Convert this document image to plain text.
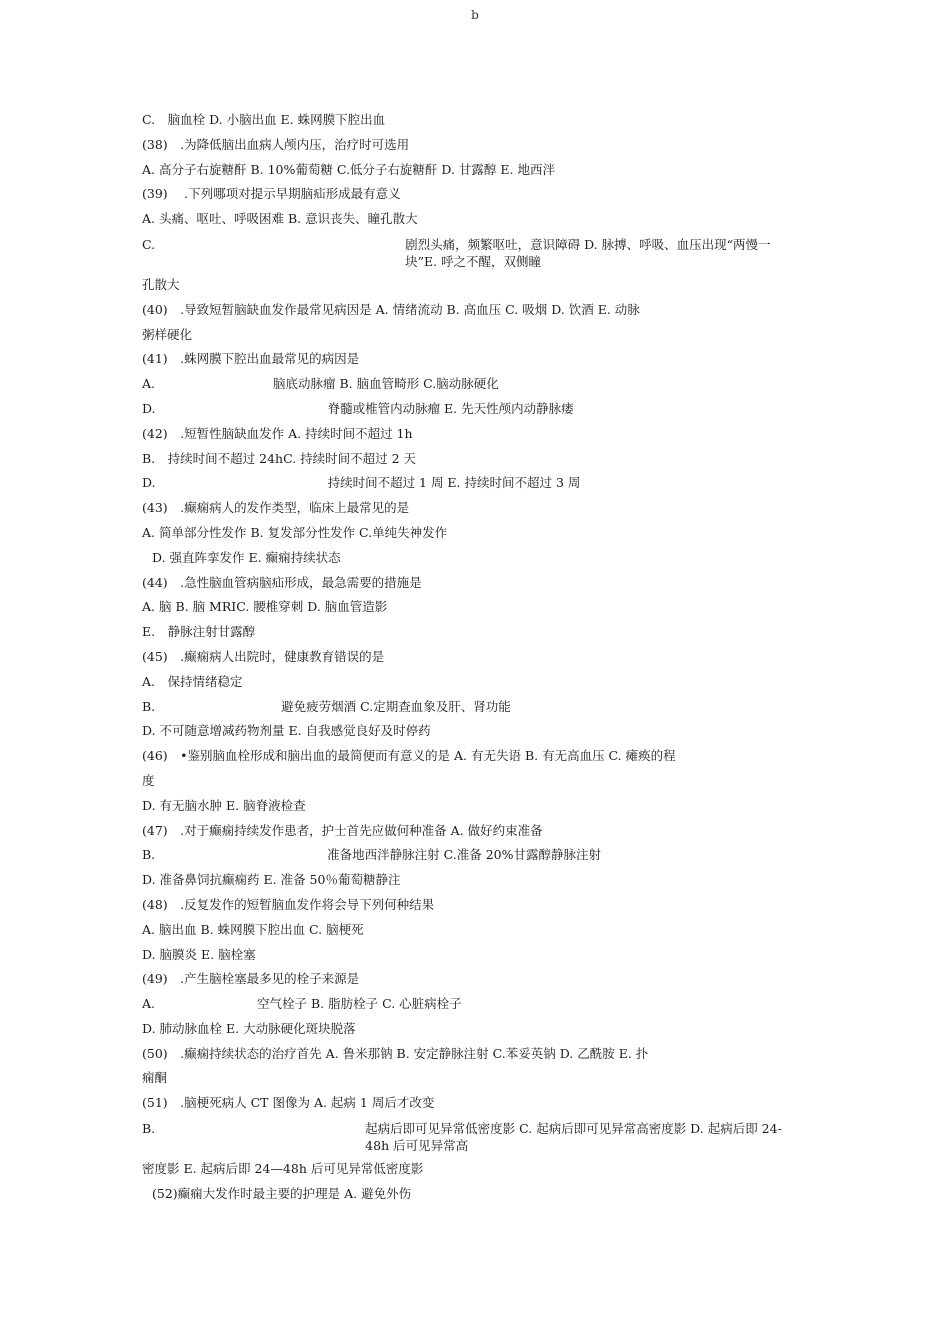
b
C.　脑血栓 D. 小脑出血 E. 蛛网膜下腔出血
(38)　.为降低脑出血病人颅内压，治疗时可选用
A. 高分子右旋糖酐 B. 10%葡萄糖 C.低分子右旋糖酐 D. 甘露醇 E. 地西泮
(39)　 .下列哪项对提示早期脑疝形成最有意义
A. 头痛、呕吐、呼吸困难 B. 意识丧失、瞳孔散大
C.	剧烈头痛，频繁呕吐，意识障碍 D. 脉搏、呼吸、血压出现“两慢一块”E. 呼之不醒，双侧瞳
孔散大
(40)　.导致短暂脑缺血发作最常见病因是 A. 情绪流动 B. 高血压 C. 吸烟 D. 饮酒 E. 动脉
粥样硬化
(41)　.蛛网膜下腔出血最常见的病因是
A.	脑底动脉瘤 B. 脑血管畸形 C.脑动脉硬化
D.	脊髓或椎管内动脉瘤 E. 先天性颅内动静脉瘘
(42)　.短暂性脑缺血发作 A. 持续时间不超过 1h
B.　持续时间不超过 24hC. 持续时间不超过 2 天
D.	持续时间不超过 1 周 E. 持续时间不超过 3 周
(43)　.癫痫病人的发作类型，临床上最常见的是
A. 简单部分性发作 B. 复发部分性发作 C.单纯失神发作
D. 强直阵挛发作 E. 癫痫持续状态
(44)　.急性脑血管病脑疝形成，最急需要的措施是
A. 脑 B. 脑 MRIC. 腰椎穿刺 D. 脑血管造影
E.　静脉注射甘露醇
(45)　.癫痫病人出院时，健康教育错误的是
A.　保持情绪稳定
B.	避免疲劳烟酒 C.定期查血象及肝、肾功能
D. 不可随意增减药物剂量 E. 自我感觉良好及时停药
(46)　•鉴别脑血栓形成和脑出血的最简便而有意义的是 A. 有无失语 B. 有无高血压 C. 瘫痪的程
度
D. 有无脑水肿 E. 脑脊液检查
(47)　.对于癫痫持续发作患者，护士首先应做何种准备 A. 做好约束准备
B.	准备地西泮静脉注射 C.准备 20%甘露醇静脉注射
D. 准备鼻饲抗癫痫药 E. 准备 50％葡萄糖静注
(48)　.反复发作的短暂脑血发作将会导下列何种结果
A. 脑出血 B. 蛛网膜下腔出血 C. 脑梗死
D. 脑膜炎 E. 脑栓塞
(49)　.产生脑栓塞最多见的栓子来源是
A.	空气栓子 B. 脂肪栓子 C. 心脏病栓子
D. 肺动脉血栓 E. 大动脉硬化斑块脱落
(50)　.癫痫持续状态的治疗首先 A. 鲁米那钠 B. 安定静脉注射 C.苯妥英钠 D. 乙酰胺 E. 扑
痫酮
(51)　.脑梗死病人 CT 图像为 A. 起病 1 周后才改变
B.	起病后即可见异常低密度影 C. 起病后即可见异常高密度影 D. 起病后即 24-48h 后可见异常高
密度影 E. 起病后即 24—48h 后可见异常低密度影
(52)癫痫大发作时最主要的护理是 A. 避免外伤
